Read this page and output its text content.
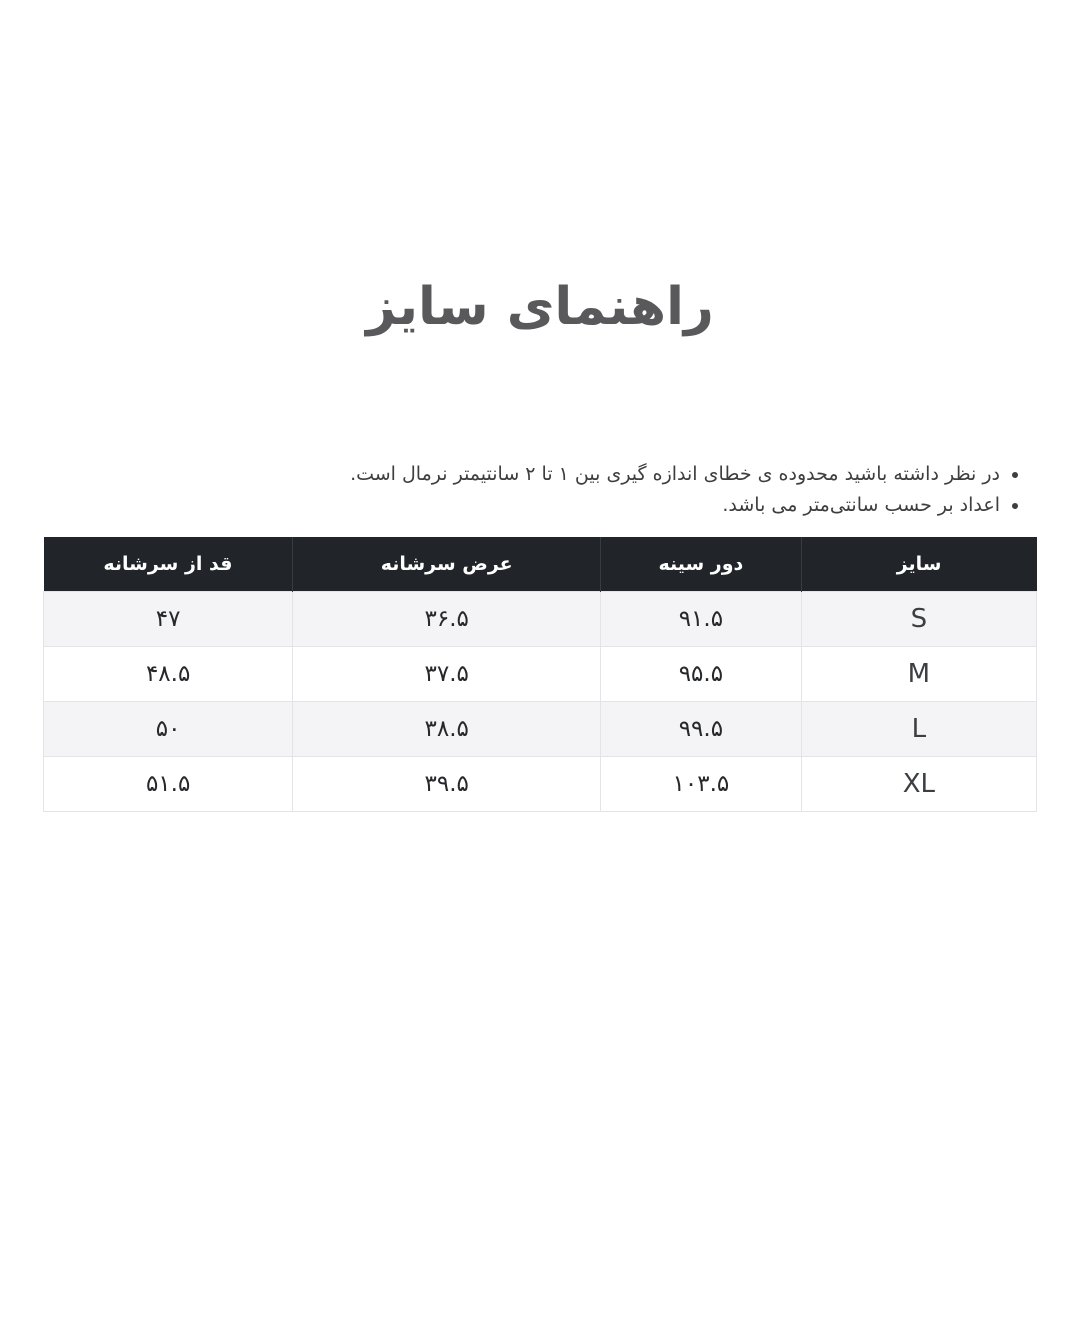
راهنمای سایز
• در نظر داشته باشید محدوده ی خطای اندازه گیری بین ۱ تا ۲ سانتیمتر نرمال است.
• اعداد بر حسب سانتی‌متر می باشد.
سایز	دور سینه	عرض سرشانه	قد از سرشانه
S	۹۱.۵	۳۶.۵	۴۷
M	۹۵.۵	۳۷.۵	۴۸.۵
L	۹۹.۵	۳۸.۵	۵۰
XL	۱۰۳.۵	۳۹.۵	۵۱.۵
